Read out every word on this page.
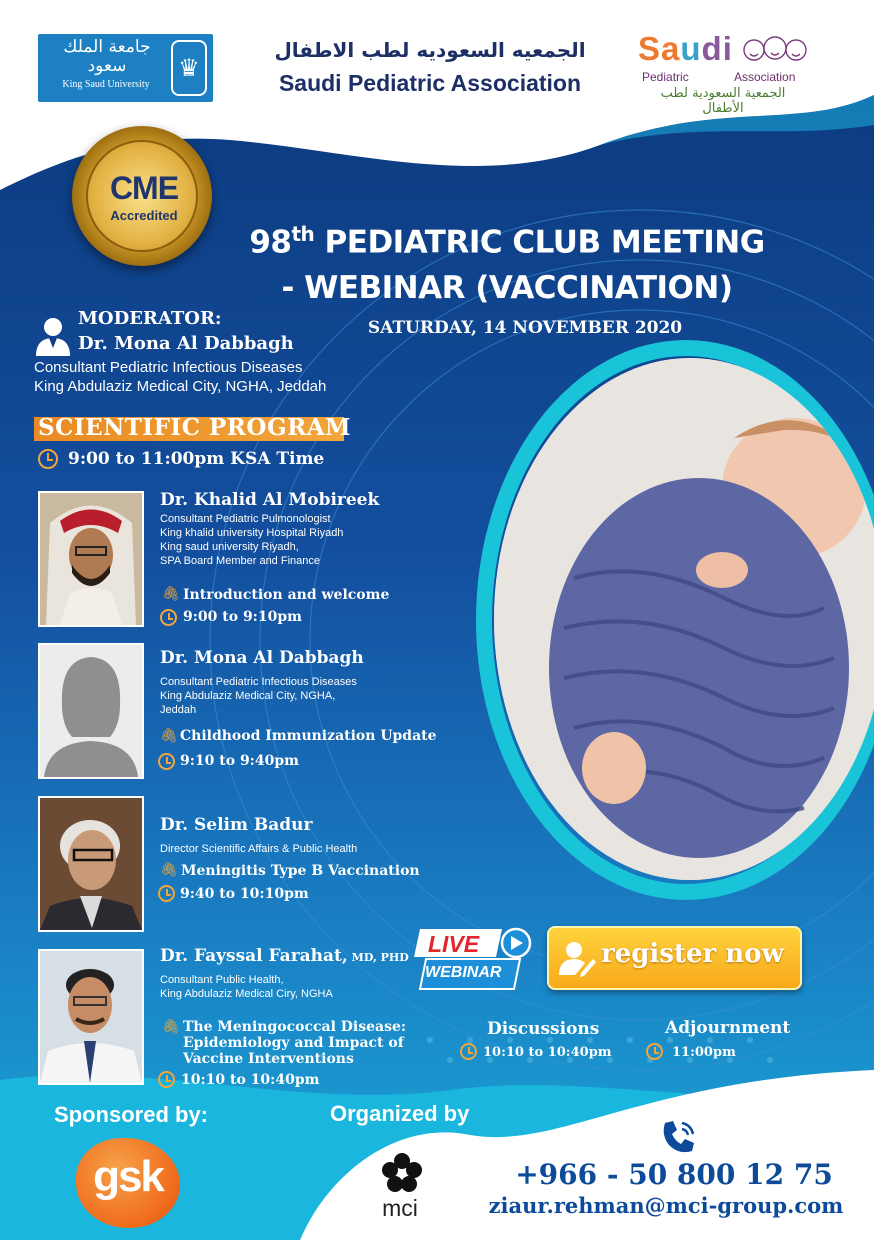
جامعة الملك سعود
King Saud University
♛
الجمعيه السعوديه لطب الاطفال
Saudi Pediatric Association
Saudi
Pediatric	Association
الجمعية السعودية لطب الأطفال
CME
Accredited
98th PEDIATRIC CLUB MEETING
- WEBINAR (VACCINATION)
SATURDAY, 14 NOVEMBER 2020
MODERATOR:
Dr. Mona Al Dabbagh
Consultant Pediatric Infectious Diseases
King Abdulaziz Medical City, NGHA, Jeddah
SCIENTIFIC PROGRAM
9:00 to 11:00pm KSA Time
Dr. Khalid Al Mobireek
Consultant Pediatric Pulmonologist
King khalid university Hospital Riyadh
King saud university Riyadh,
SPA Board Member and Finance
🖇 Introduction and welcome
9:00 to 9:10pm
Dr. Mona Al Dabbagh
Consultant Pediatric Infectious Diseases
King Abdulaziz Medical City, NGHA,
Jeddah
🖇 Childhood Immunization Update
9:10 to 9:40pm
Dr. Selim Badur
Director Scientific Affairs & Public Health
🖇 Meningitis Type B Vaccination
9:40 to 10:10pm
Dr. Fayssal Farahat, MD, PHD
Consultant Public Health,
King Abdulaziz Medical Ciry, NGHA
🖇 The Meningococcal Disease:
Epidemiology and Impact of
Vaccine Interventions
10:10 to 10:40pm
LIVE
WEBINAR
register now
Discussions
10:10 to 10:40pm
Adjournment
11:00pm
Sponsored by:
gsk
Organized by
mci
+966 - 50 800 12 75
ziaur.rehman@mci-group.com
